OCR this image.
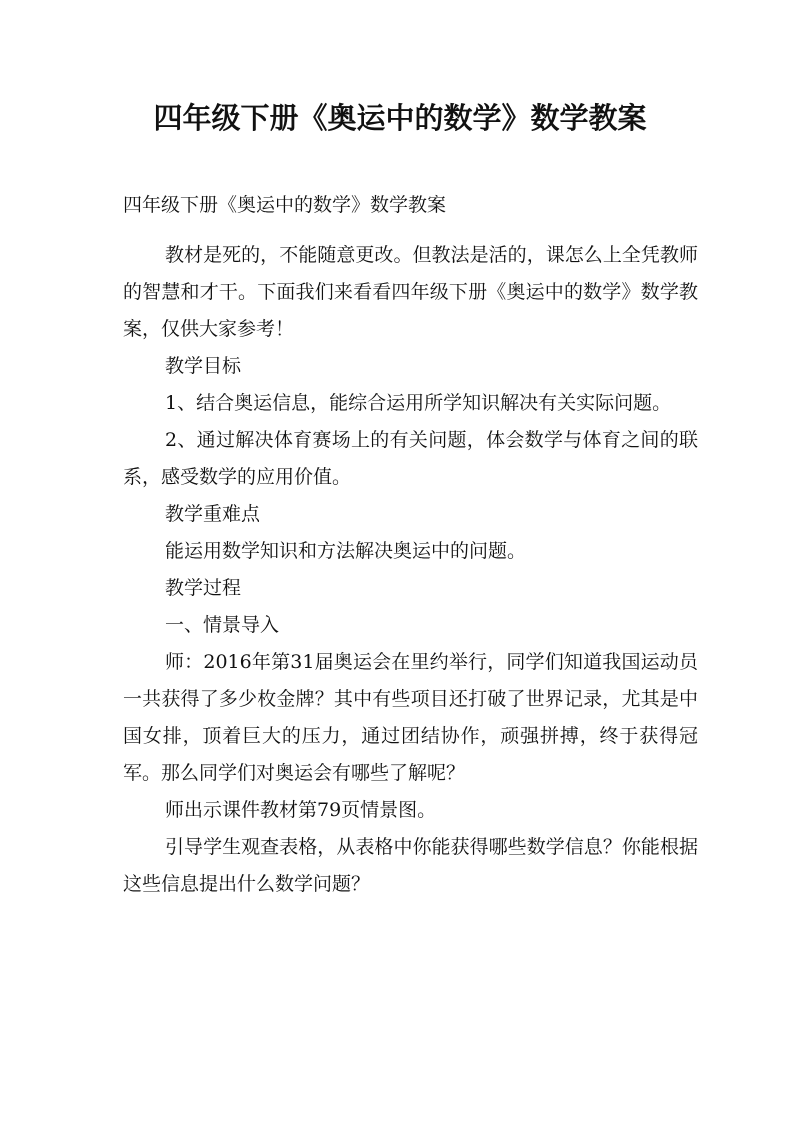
四年级下册《奥运中的数学》数学教案
四年级下册《奥运中的数学》数学教案

教材是死的，不能随意更改。但教法是活的，课怎么上全凭教师的智慧和才干。下面我们来看看四年级下册《奥运中的数学》数学教案，仅供大家参考！

教学目标

1、结合奥运信息，能综合运用所学知识解决有关实际问题。

2、通过解决体育赛场上的有关问题，体会数学与体育之间的联系，感受数学的应用价值。

教学重难点

能运用数学知识和方法解决奥运中的问题。

教学过程

一、情景导入

师：2016年第31届奥运会在里约举行，同学们知道我国运动员一共获得了多少枚金牌？其中有些项目还打破了世界记录，尤其是中国女排，顶着巨大的压力，通过团结协作，顽强拼搏，终于获得冠军。那么同学们对奥运会有哪些了解呢？

师出示课件教材第79页情景图。

引导学生观查表格，从表格中你能获得哪些数学信息？你能根据这些信息提出什么数学问题？
